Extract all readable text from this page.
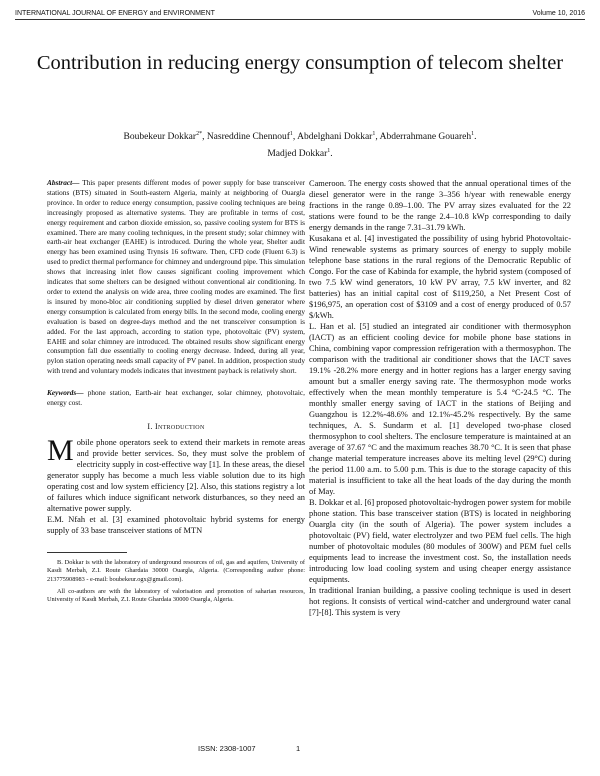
INTERNATIONAL JOURNAL OF ENERGY and ENVIRONMENT	Volume 10, 2016
Contribution in reducing energy consumption of telecom shelter
Boubekeur Dokkar$^{2*}$, Nasreddine Chennouf$^1$, Abdelghani Dokkar$^1$, Abderrahmane Gouareh$^1$.
Madjed Dokkar$^1$.

Abstract— This paper presents different modes of power supply for base transceiver stations (BTS) situated in South-eastern Algeria, mainly at neighboring of Ouargla province. In order to reduce energy consumption, passive cooling techniques are being increasingly proposed as alternative systems. They are profitable in terms of cost, energy requirement and carbon dioxide emission, so, passive cooling system for BTS is examined. There are many cooling techniques, in the present study; solar chimney with earth-air heat exchanger (EAHE) is introduced. During the whole year, Shelter audit energy has been examined using Trynsis 16 software. Then, CFD code (Fluent 6.3) is used to predict thermal performance for chimney and underground pipe. This simulation shows that increasing inlet flow causes significant cooling improvement which indicates that some shelters can be designed without conventional air conditioning. In order to extend the analysis on wide area, three cooling modes are examined. The first is insured by mono-bloc air conditioning supplied by diesel driven generator where energy consumption is calculated from energy bills. In the second mode, cooling energy evaluation is based on degree-days method and the net transceiver consumption is added. For the last approach, according to station type, photovoltaic (PV) system, EAHE and solar chimney are introduced. The obtained results show significant energy consumption fall due essentially to cooling energy decrease. Indeed, during all year, pylon station operating needs small capacity of PV panel. In addition, prospection study with trend and voluntary models indicates that investment payback is relatively short.

Keywords— phone station, Earth-air heat exchanger, solar chimney, photovoltaic, energy cost.

I. Introduction

Mobile phone operators seek to extend their markets in remote areas and provide better services. So, they must solve the problem of electricity supply in cost-effective way [1]. In these areas, the diesel generator supply has become a much less viable solution due to its high operating cost and low system efficiency [2]. Also, this stations registry a lot of failures which induce significant network disturbances, so they need an alternative power supply.

E.M. Nfah et al. [3] examined photovoltaic hybrid systems for energy supply of 33 base transceiver stations of MTN

B. Dokkar is with the laboratory of underground resources of oil, gas and aquifers, University of Kasdi Merbah, Z.I. Route Ghardaia 30000 Ouargla, Algeria. (Corresponding author phone: 213775908983 - e-mail: boubekeur.ogx@gmail.com).

All co-authors are with the laboratory of valorisation and promotion of saharian resources, University of Kasdi Merbah, Z.I. Route Ghardaia 30000 Ouargla, Algeria.

Cameroon. The energy costs showed that the annual operational times of the diesel generator were in the range 3–356 h/year with renewable energy fractions in the range 0.89–1.00. The PV array sizes evaluated for the 22 stations were found to be the range 2.4–10.8 kWp corresponding to daily energy demands in the range 7.31–31.79 kWh.

Kusakana et al. [4] investigated the possibility of using hybrid Photovoltaic-Wind renewable systems as primary sources of energy to supply mobile telephone base stations in the rural regions of the Democratic Republic of Congo. For the case of Kabinda for example, the hybrid system (composed of two 7.5 kW wind generators, 10 kW PV array, 7.5 kW inverter, and 82 batteries) has an initial capital cost of $119,250, a Net Present Cost of $196,975, an operation cost of $3109 and a cost of energy produced of 0.57 $/kWh.

L. Han et al. [5] studied an integrated air conditioner with thermosyphon (IACT) as an efficient cooling device for mobile phone base stations in China, combining vapor compression refrigeration with a thermosyphon. The comparison with the traditional air conditioner shows that the IACT saves 19.1% -28.2% more energy and in hotter regions has a larger energy saving amount but a smaller energy saving rate. The thermosyphon mode works effectively when the mean monthly temperature is 5.4 °C-24.5 °C. The monthly smaller energy saving of IACT in the stations of Beijing and Guangzhou is 12.2%-48.6% and 12.1%-45.2% respectively. By the same techniques, A. S. Sundarm et al. [1] developed two-phase closed thermosyphon to cool shelters. The enclosure temperature is maintained at an average of 37.67 °C and the maximum reaches 38.70 °C. It is seen that phase change material temperature increases above its melting level (29°C) during the period 11.00 a.m. to 5.00 p.m. This is due to the storage capacity of this material is insufficient to take all the heat loads of the day during the month of May.

B. Dokkar et al. [6] proposed photovoltaic-hydrogen power system for mobile phone station. This base transceiver station (BTS) is located in neighboring Ouargla city (in the south of Algeria). The power system includes a photovoltaic (PV) field, water electrolyzer and two PEM fuel cells. The high number of photovoltaic modules (80 modules of 300W) and PEM fuel cells equipments lead to increase the investment cost. So, the installation needs introducing low load cooling system and using cheaper energy assistance equipments.

In traditional Iranian building, a passive cooling technique is used in desert hot regions. It consists of vertical wind-catcher and underground water canal [7]-[8]. This system is very

ISSN: 2308-1007	1
